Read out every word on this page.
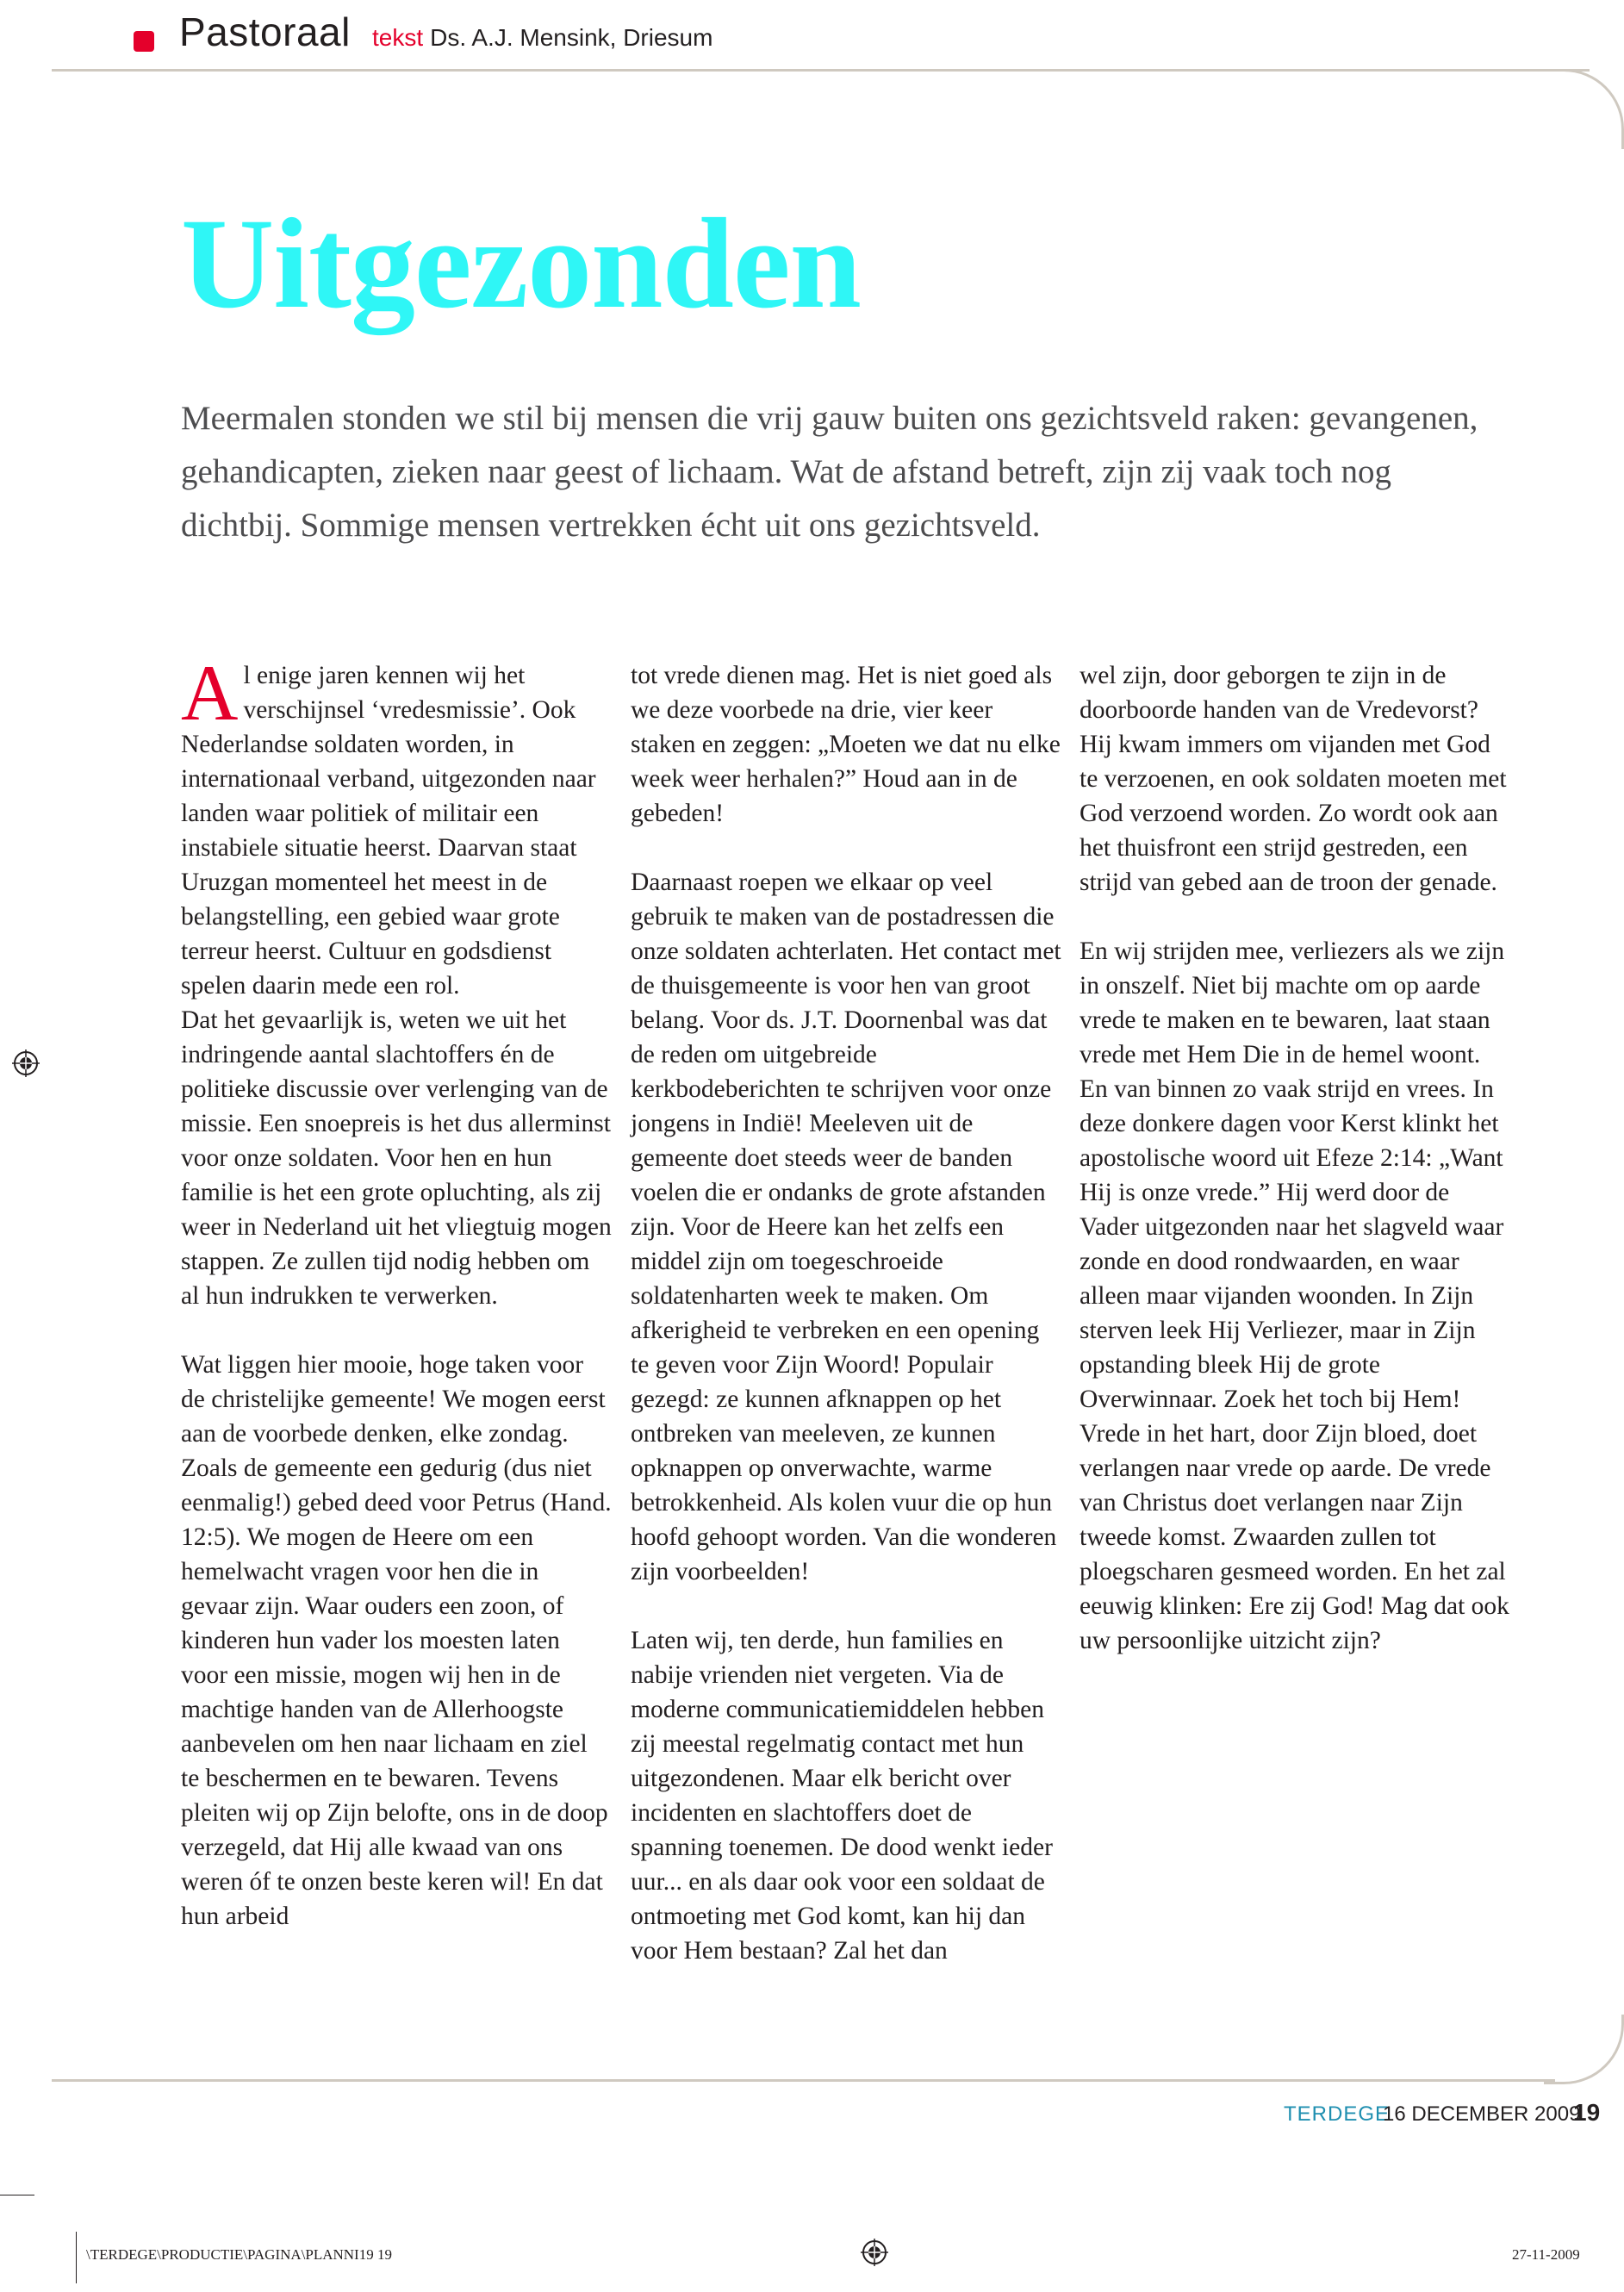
Pastoraal tekst Ds. A.J. Mensink, Driesum
Uitgezonden
Meermalen stonden we stil bij mensen die vrij gauw buiten ons gezichtsveld raken: gevangenen, gehandicapten, zieken naar geest of lichaam. Wat de afstand betreft, zijn zij vaak toch nog dichtbij. Sommige mensen vertrekken écht uit ons gezichtsveld.

Al enige jaren kennen wij het verschijnsel ‘vredesmissie’. Ook Nederlandse soldaten worden, in internationaal verband, uitgezonden naar landen waar politiek of militair een instabiele situatie heerst. Daarvan staat Uruzgan momenteel het meest in de belangstelling, een gebied waar grote terreur heerst. Cultuur en godsdienst spelen daarin mede een rol.

Dat het gevaarlijk is, weten we uit het indringende aantal slachtoffers én de politieke discussie over verlenging van de missie. Een snoepreis is het dus allerminst voor onze soldaten. Voor hen en hun familie is het een grote opluchting, als zij weer in Nederland uit het vliegtuig mogen stappen. Ze zullen tijd nodig hebben om al hun indrukken te verwerken.

Wat liggen hier mooie, hoge taken voor de christelijke gemeente! We mogen eerst aan de voorbede denken, elke zondag. Zoals de gemeente een gedurig (dus niet eenmalig!) gebed deed voor Petrus (Hand. 12:5). We mogen de Heere om een hemelwacht vragen voor hen die in gevaar zijn. Waar ouders een zoon, of kinderen hun vader los moesten laten voor een missie, mogen wij hen in de machtige handen van de Allerhoogste aanbevelen om hen naar lichaam en ziel te beschermen en te bewaren. Tevens pleiten wij op Zijn belofte, ons in de doop verzegeld, dat Hij alle kwaad van ons weren óf te onzen beste keren wil! En dat hun arbeid

tot vrede dienen mag. Het is niet goed als we deze voorbede na drie, vier keer staken en zeggen: „Moeten we dat nu elke week weer herhalen?” Houd aan in de gebeden!

Daarnaast roepen we elkaar op veel gebruik te maken van de postadressen die onze soldaten achterlaten. Het contact met de thuisgemeente is voor hen van groot belang. Voor ds. J.T. Doornenbal was dat de reden om uitgebreide kerkbodeberichten te schrijven voor onze jongens in Indië! Meeleven uit de gemeente doet steeds weer de banden voelen die er ondanks de grote afstanden zijn. Voor de Heere kan het zelfs een middel zijn om toegeschroeide soldatenharten week te maken. Om afkerigheid te verbreken en een opening te geven voor Zijn Woord! Populair gezegd: ze kunnen afknappen op het ontbreken van meeleven, ze kunnen opknappen op onverwachte, warme betrokkenheid. Als kolen vuur die op hun hoofd gehoopt worden. Van die wonderen zijn voorbeelden!

Laten wij, ten derde, hun families en nabije vrienden niet vergeten. Via de moderne communicatiemiddelen hebben zij meestal regelmatig contact met hun uitgezondenen. Maar elk bericht over incidenten en slachtoffers doet de spanning toenemen. De dood wenkt ieder uur... en als daar ook voor een soldaat de ontmoeting met God komt, kan hij dan voor Hem bestaan? Zal het dan

wel zijn, door geborgen te zijn in de doorboorde handen van de Vredevorst? Hij kwam immers om vijanden met God te verzoenen, en ook soldaten moeten met God verzoend worden. Zo wordt ook aan het thuisfront een strijd gestreden, een strijd van gebed aan de troon der genade.

En wij strijden mee, verliezers als we zijn in onszelf. Niet bij machte om op aarde vrede te maken en te bewaren, laat staan vrede met Hem Die in de hemel woont. En van binnen zo vaak strijd en vrees. In deze donkere dagen voor Kerst klinkt het apostolische woord uit Efeze 2:14: „Want Hij is onze vrede.” Hij werd door de Vader uitgezonden naar het slagveld waar zonde en dood rondwaarden, en waar alleen maar vijanden woonden. In Zijn sterven leek Hij Verliezer, maar in Zijn opstanding bleek Hij de grote Overwinnaar. Zoek het toch bij Hem! Vrede in het hart, door Zijn bloed, doet verlangen naar vrede op aarde. De vrede van Christus doet verlangen naar Zijn tweede komst. Zwaarden zullen tot ploegscharen gesmeed worden. En het zal eeuwig klinken: Ere zij God! Mag dat ook uw persoonlijke uitzicht zijn?

TERDEGE
16 DECEMBER 2009
19
\TERDEGE\PRODUCTIE\PAGINA\PLANNI19 19	27-11-2009
